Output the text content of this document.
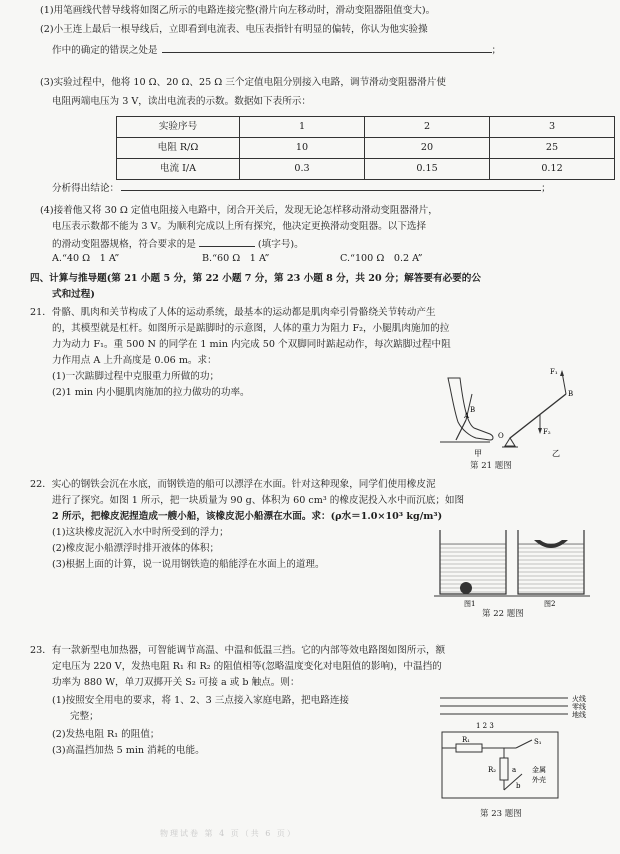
(1)用笔画线代替导线将如图乙所示的电路连接完整(滑片向左移动时，滑动变阻器阻值变大)。
(2)小王连上最后一根导线后，立即看到电流表、电压表指针有明显的偏转，你认为他实验操
作中的确定的错误之处是	；
(3)实验过程中，他将 10 Ω、20 Ω、25 Ω 三个定值电阻分别接入电路，调节滑动变阻器滑片使
电阻两端电压为 3 V，读出电流表的示数。数据如下表所示：
实验序号	1	2	3
电阻 R/Ω	10	20	25
电流 I/A	0.3	0.15	0.12
分析得出结论：	；
(4)接着他又将 30 Ω 定值电阻接入电路中，闭合开关后，发现无论怎样移动滑动变阻器滑片，
电压表示数都不能为 3 V。为顺利完成以上所有探究，他决定更换滑动变阻器。以下选择
的滑动变阻器规格，符合要求的是	(填字号)。
A.“40 Ω　1 A”	B.“60 Ω　1 A”	C.“100 Ω　0.2 A”
四、计算与推导题(第 21 小题 5 分，第 22 小题 7 分，第 23 小题 8 分，共 20 分；解答要有必要的公
式和过程)
21．骨骼、肌肉和关节构成了人体的运动系统，最基本的运动都是肌肉牵引骨骼绕关节转动产生
的，其模型就是杠杆。如图所示是踮脚时的示意图，人体的重力为阻力 F₂，小腿肌肉施加的拉
力为动力 F₁。重 500 N 的同学在 1 min 内完成 50 个双脚同时踮起动作，每次踮脚过程中阻
力作用点 A 上升高度是 0.06 m。求：
(1)一次踮脚过程中克服重力所做的功；
(2)1 min 内小腿肌肉施加的拉力做功的功率。
A
B
甲
F₁
B
O	F₂
乙
第 21 题图
22．实心的钢铁会沉在水底，而钢铁造的船可以漂浮在水面。针对这种现象，同学们使用橡皮泥
进行了探究。如图 1 所示，把一块质量为 90 g、体积为 60 cm³ 的橡皮泥投入水中而沉底；如图
2 所示，把橡皮泥捏造成一艘小船，该橡皮泥小船漂在水面。求：(ρ水＝1.0×10³ kg/m³)
(1)这块橡皮泥沉入水中时所受到的浮力；
(2)橡皮泥小船漂浮时排开液体的体积；
(3)根据上面的计算，说一说用钢铁造的船能浮在水面上的道理。
图1	图2
第 22 题图
23．有一款新型电加热器，可智能调节高温、中温和低温三挡。它的内部等效电路图如图所示，额
定电压为 220 V，发热电阻 R₁ 和 R₂ 的阻值相等(忽略温度变化对电阻值的影响)，中温挡的
功率为 880 W，单刀双掷开关 S₂ 可接 a 或 b 触点。则：
(1)按照安全用电的要求，将 1、2、3 三点接入家庭电路，把电路连接
完整；
(2)发热电阻 R₁ 的阻值；
(3)高温挡加热 5 min 消耗的电能。
火线
零线
地线
1 2 3
R₁	S₁
R₂ a
b
金属
外壳
第 23 题图
物理试卷 第 4 页（共 6 页）
